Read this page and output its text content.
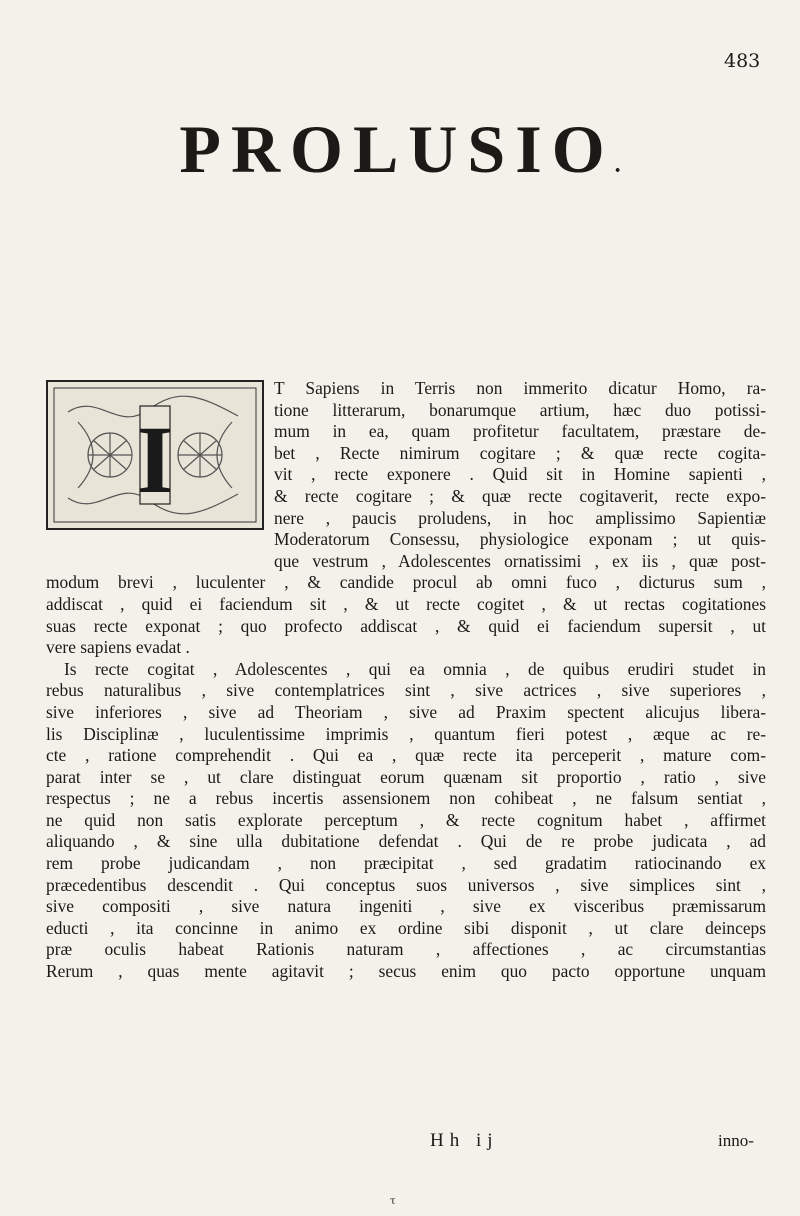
483
PROLUSIO.
I
T Sapiens in Terris non immerito dicatur Homo, ra-
tione litterarum, bonarumque artium, hæc duo potissi-
mum in ea, quam profitetur facultatem, præstare de-
bet , Recte nimirum cogitare ; & quæ recte cogita-
vit , recte exponere . Quid sit in Homine sapienti ,
& recte cogitare ; & quæ recte cogitaverit, recte expo-
nere , paucis proludens, in hoc amplissimo Sapientiæ
Moderatorum Consessu, physiologice exponam ; ut quis-
que vestrum , Adolescentes ornatissimi , ex iis , quæ post-
modum brevi , luculenter , & candide procul ab omni fuco , dicturus sum ,
addiscat , quid ei faciendum sit , & ut recte cogitet , & ut rectas cogitationes
suas recte exponat ; quo profecto addiscat , & quid ei faciendum supersit , ut
vere sapiens evadat .
Is recte cogitat , Adolescentes , qui ea omnia , de quibus erudiri studet in
rebus naturalibus , sive contemplatrices sint , sive actrices , sive superiores ,
sive inferiores , sive ad Theoriam , sive ad Praxim spectent alicujus libera-
lis Disciplinæ , luculentissime imprimis , quantum fieri potest , æque ac re-
cte , ratione comprehendit . Qui ea , quæ recte ita perceperit , mature com-
parat inter se , ut clare distinguat eorum quænam sit proportio , ratio , sive
respectus ; ne a rebus incertis assensionem non cohibeat , ne falsum sentiat ,
ne quid non satis explorate perceptum , & recte cognitum habet , affirmet
aliquando , & sine ulla dubitatione defendat . Qui de re probe judicata , ad
rem probe judicandam , non præcipitat , sed gradatim ratiocinando ex
præcedentibus descendit . Qui conceptus suos universos , sive simplices sint ,
sive compositi , sive natura ingeniti , sive ex visceribus præmissarum
educti , ita concinne in animo ex ordine sibi disponit , ut clare deinceps
præ oculis habeat Rationis naturam , affectiones , ac circumstantias
Rerum , quas mente agitavit ; secus enim quo pacto opportune unquam
Hh ij	inno-
τ
